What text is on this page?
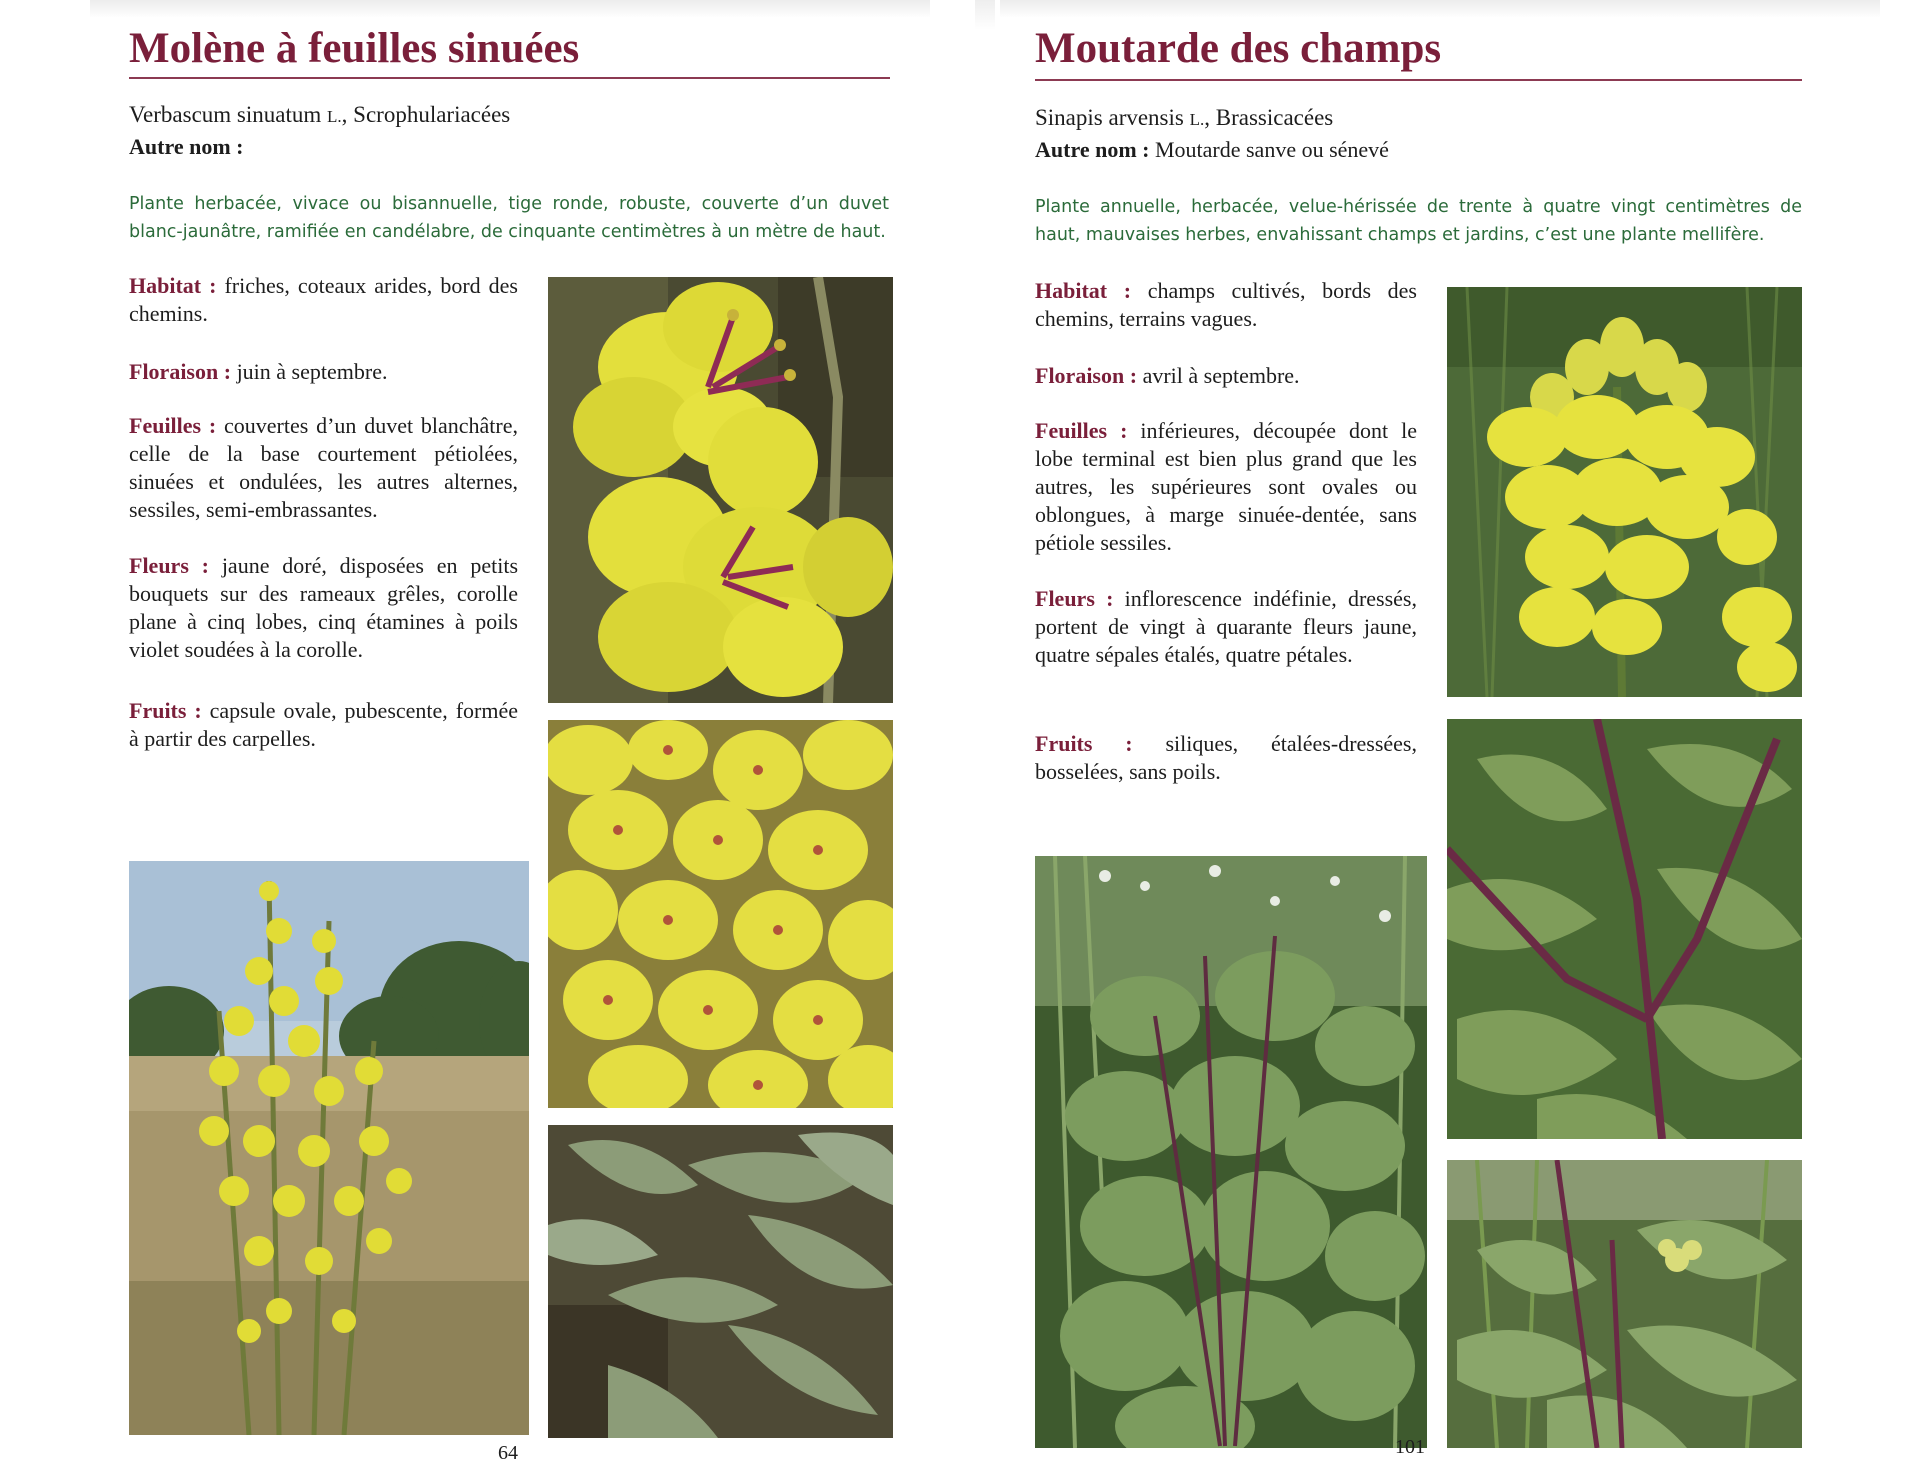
Molène à feuilles sinuées
Verbascum sinuatum L., Scrophulariacées
Autre nom :

Plante herbacée, vivace ou bisannuelle, tige ronde, robuste, couverte d’un duvet blanc-jaunâtre, ramifiée en candélabre, de cinquante centimètres à un mètre de haut.

Habitat : friches, coteaux arides, bord des chemins.

Floraison : juin à septembre.

Feuilles : couvertes d’un duvet blanchâtre, celle de la base courtement pétiolées, sinuées et ondulées, les autres alternes, sessiles, semi-embrassantes.

Fleurs : jaune doré, disposées en petits bouquets sur des rameaux grêles, corolle plane à cinq lobes, cinq étamines à poils violet soudées à la corolle.

Fruits : capsule ovale, pubescente, formée à partir des carpelles.

64
Moutarde des champs
Sinapis arvensis L., Brassicacées
Autre nom : Moutarde sanve ou sénevé

Plante annuelle, herbacée, velue-hérissée de trente à quatre vingt centimètres de haut, mauvaises herbes, envahissant champs et jardins, c’est une plante mellifère.

Habitat : champs cultivés, bords des chemins, terrains vagues.

Floraison : avril à septembre.

Feuilles : inférieures, découpée dont le lobe terminal est bien plus grand que les autres, les supérieures sont ovales ou oblongues, à marge sinuée-dentée, sans pétiole sessiles.

Fleurs : inflorescence indéfinie, dressés, portent de vingt à quarante fleurs jaune, quatre sépales étalés, quatre pétales.

Fruits : siliques, étalées-dressées, bosselées, sans poils.

101
